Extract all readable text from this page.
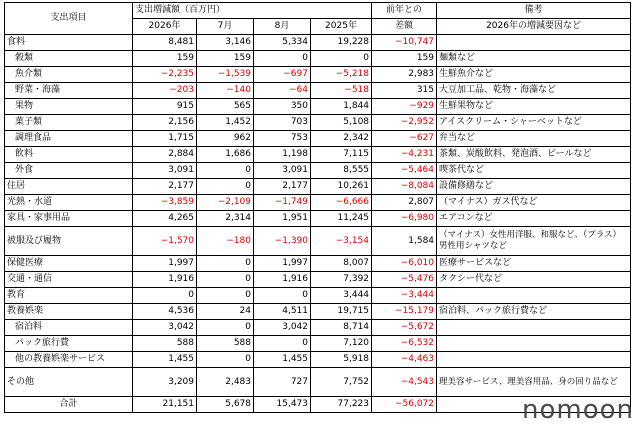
支出項目	支出増減額（百万円）				前年との	備考
	2026年	7月	8月	2025年	差額	2026年の増減要因など
食料	8,481	3,146	5,334	19,228	−10,747	
穀類	159	159	0	0	159	麺類など
魚介類	−2,235	−1,539	−697	−5,218	2,983	生鮮魚介など
野菜・海藻	−203	−140	−64	−518	315	大豆加工品、乾物・海藻など
果物	915	565	350	1,844	−929	生鮮果物など
菓子類	2,156	1,452	703	5,108	−2,952	アイスクリーム・シャーベットなど
調理食品	1,715	962	753	2,342	−627	弁当など
飲料	2,884	1,686	1,198	7,115	−4,231	茶類、炭酸飲料、発泡酒、ビールなど
外食	3,091	0	3,091	8,555	−5,464	喫茶代など
住居	2,177	0	2,177	10,261	−8,084	設備修繕など
光熱・水道	−3,859	−2,109	−1,749	−6,666	2,807	（マイナス）ガス代など
家具・家事用品	4,265	2,314	1,951	11,245	−6,980	エアコンなど
被服及び履物	−1,570	−180	−1,390	−3,154	1,584	（マイナス）女性用洋服、和服など、（プラス）男性用シャツなど
保健医療	1,997	0	1,997	8,007	−6,010	医療サービスなど
交通・通信	1,916	0	1,916	7,392	−5,476	タクシー代など
教育	0	0	0	3,444	−3,444	
教養娯楽	4,536	24	4,511	19,715	−15,179	宿泊料、パック旅行費など
宿泊料	3,042	0	3,042	8,714	−5,672	
パック旅行費	588	588	0	7,120	−6,532	
他の教養娯楽サービス	1,455	0	1,455	5,918	−4,463	
その他	3,209	2,483	727	7,752	−4,543	理美容サービス、理美容用品、身の回り品など
合計	21,151	5,678	15,473	77,223	−56,072		nomoon
